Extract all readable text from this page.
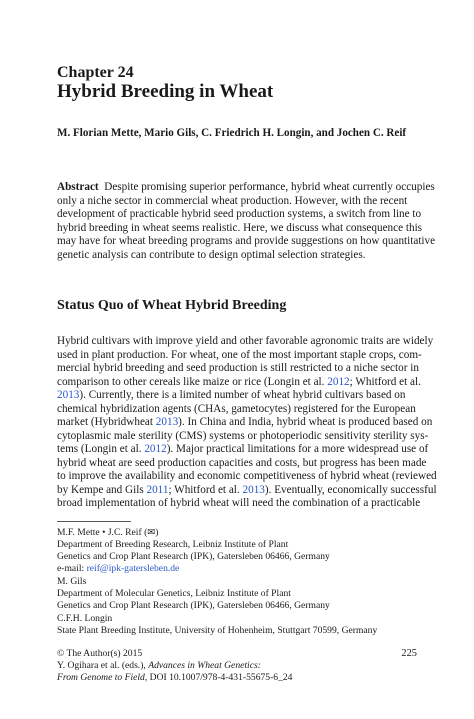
Chapter 24
Hybrid Breeding in Wheat
M. Florian Mette, Mario Gils, C. Friedrich H. Longin, and Jochen C. Reif
Abstract Despite promising superior performance, hybrid wheat currently occupies
only a niche sector in commercial wheat production. However, with the recent
development of practicable hybrid seed production systems, a switch from line to
hybrid breeding in wheat seems realistic. Here, we discuss what consequence this
may have for wheat breeding programs and provide suggestions on how quantitative
genetic analysis can contribute to design optimal selection strategies.
Status Quo of Wheat Hybrid Breeding
Hybrid cultivars with improve yield and other favorable agronomic traits are widely
used in plant production. For wheat, one of the most important staple crops, com-
mercial hybrid breeding and seed production is still restricted to a niche sector in
comparison to other cereals like maize or rice (Longin et al. 2012; Whitford et al.
2013). Currently, there is a limited number of wheat hybrid cultivars based on
chemical hybridization agents (CHAs, gametocytes) registered for the European
market (Hybridwheat 2013). In China and India, hybrid wheat is produced based on
cytoplasmic male sterility (CMS) systems or photoperiodic sensitivity sterility sys-
tems (Longin et al. 2012). Major practical limitations for a more widespread use of
hybrid wheat are seed production capacities and costs, but progress has been made
to improve the availability and economic competitiveness of hybrid wheat (reviewed
by Kempe and Gils 2011; Whitford et al. 2013). Eventually, economically successful
broad implementation of hybrid wheat will need the combination of a practicable
M.F. Mette • J.C. Reif (✉)
Department of Breeding Research, Leibniz Institute of Plant
Genetics and Crop Plant Research (IPK), Gatersleben 06466, Germany
e-mail: reif@ipk-gatersleben.de
M. Gils
Department of Molecular Genetics, Leibniz Institute of Plant
Genetics and Crop Plant Research (IPK), Gatersleben 06466, Germany
C.F.H. Longin
State Plant Breeding Institute, University of Hohenheim, Stuttgart 70599, Germany
© The Author(s) 2015
Y. Ogihara et al. (eds.), Advances in Wheat Genetics:
From Genome to Field, DOI 10.1007/978-4-431-55675-6_24
225
